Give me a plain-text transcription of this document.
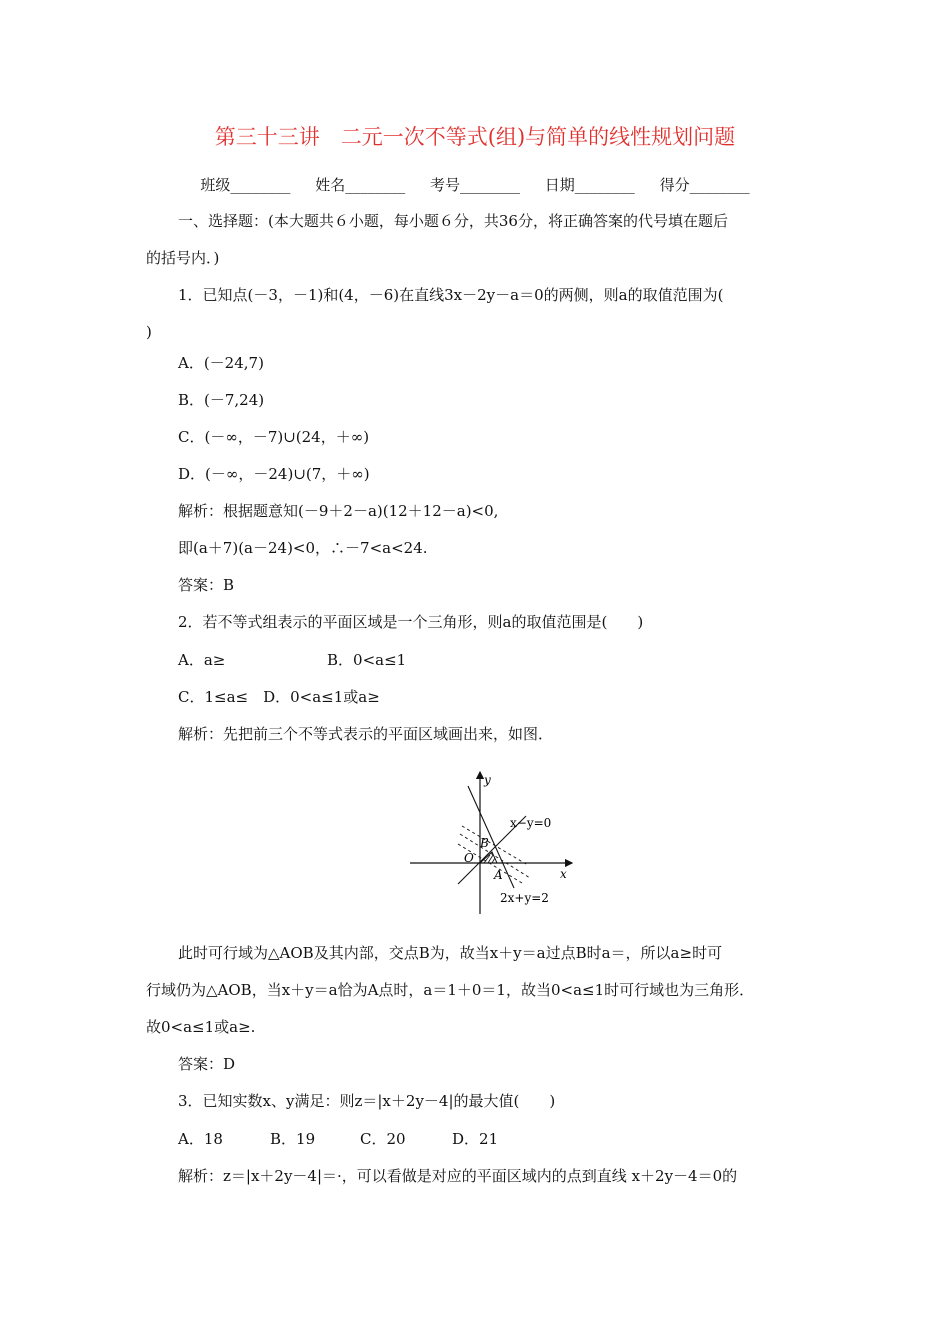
第三十三讲　二元一次不等式(组)与简单的线性规划问题
班级________ 姓名________ 考号________ 日期________ 得分________
一、选择题：(本大题共６小题，每小题６分，共36分，将正确答案的代号填在题后
的括号内．)
1．已知点(－3，－1)和(4，－6)在直线3x－2y－a＝0的两侧，则a的取值范围为(
)
A．(－24,7)
B．(－7,24)
C．(－∞，－7)∪(24，＋∞)
D．(－∞，－24)∪(7，＋∞)
解析：根据题意知(－9＋2－a)(12＋12－a)<0,
即(a＋7)(a－24)<0，∴－7<a<24.
答案：B
2．若不等式组表示的平面区域是一个三角形，则a的取值范围是(　　)
A．a≥	B．0<a≤1
C．1≤a≤　D．0<a≤1或a≥
解析：先把前三个不等式表示的平面区域画出来，如图．
y
x
O
B
A
x−y=0
2x+y=2
此时可行域为△AOB及其内部，交点B为，故当x＋y＝a过点B时a＝，所以a≥时可
行域仍为△AOB，当x＋y＝a恰为A点时，a＝1＋0＝1，故当0<a≤1时可行域也为三角形．
故0<a≤1或a≥.
答案：D
3．已知实数x、y满足：则z＝|x＋2y－4|的最大值(　　)
A．18	B．19	C．20	D．21
解析：z＝|x＋2y－4|＝·，可以看做是对应的平面区域内的点到直线 x＋2y－4＝0的
